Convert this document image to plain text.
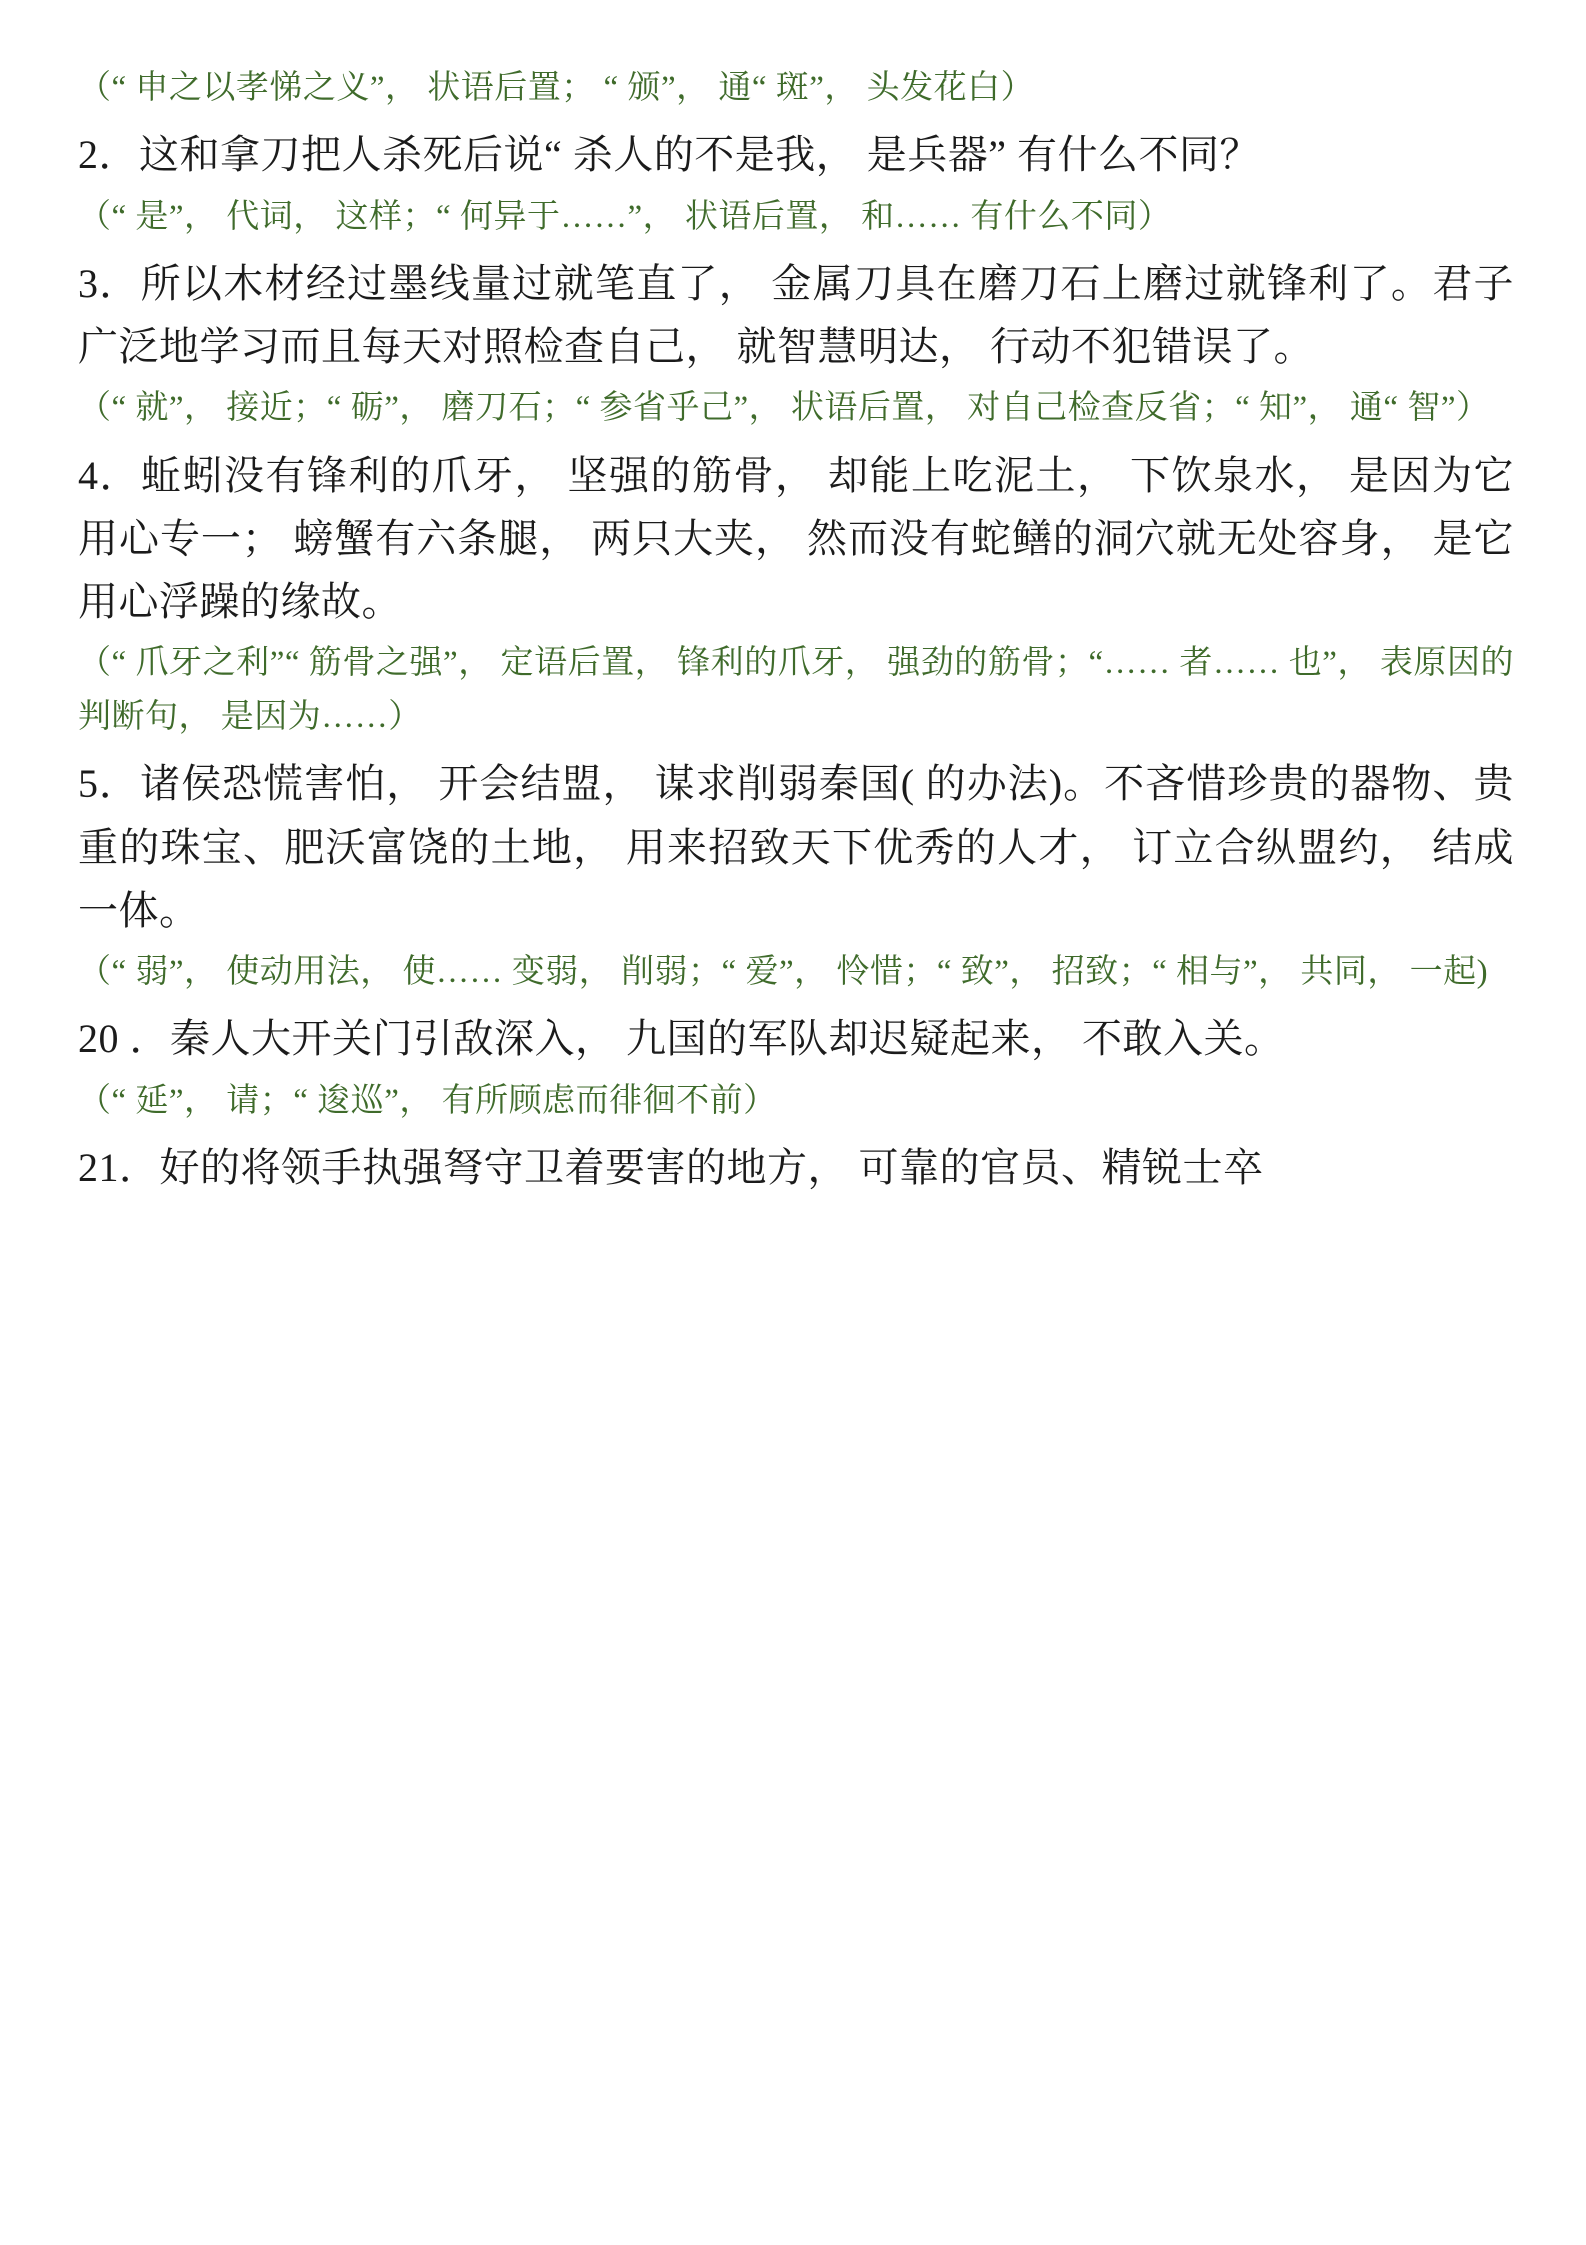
（“ 申之以孝悌之义”， 状语后置； “ 颁”， 通“ 斑”， 头发花白）

2．这和拿刀把人杀死后说“ 杀人的不是我， 是兵器” 有什么不同？

（“ 是”， 代词， 这样；“ 何异于……”， 状语后置， 和…… 有什么不同）

3．所以木材经过墨线量过就笔直了， 金属刀具在磨刀石上磨过就锋利了。君子广泛地学习而且每天对照检查自己， 就智慧明达， 行动不犯错误了。

（“ 就”， 接近；“ 砺”， 磨刀石；“ 参省乎己”， 状语后置， 对自己检查反省；“ 知”， 通“ 智”）

4．蚯蚓没有锋利的爪牙， 坚强的筋骨， 却能上吃泥土， 下饮泉水， 是因为它用心专一； 螃蟹有六条腿， 两只大夹， 然而没有蛇鳝的洞穴就无处容身， 是它用心浮躁的缘故。

（“ 爪牙之利”“ 筋骨之强”， 定语后置， 锋利的爪牙， 强劲的筋骨；“…… 者…… 也”， 表原因的判断句， 是因为……）

5．诸侯恐慌害怕， 开会结盟， 谋求削弱秦国( 的办法)。不吝惜珍贵的器物、贵重的珠宝、肥沃富饶的土地， 用来招致天下优秀的人才， 订立合纵盟约， 结成一体。

（“ 弱”， 使动用法， 使…… 变弱， 削弱；“ 爱”， 怜惜；“ 致”， 招致；“ 相与”， 共同， 一起)

20 ．秦人大开关门引敌深入， 九国的军队却迟疑起来， 不敢入关。

（“ 延”， 请；“ 逡巡”， 有所顾虑而徘徊不前）

21．好的将领手执强弩守卫着要害的地方， 可靠的官员、精锐士卒
